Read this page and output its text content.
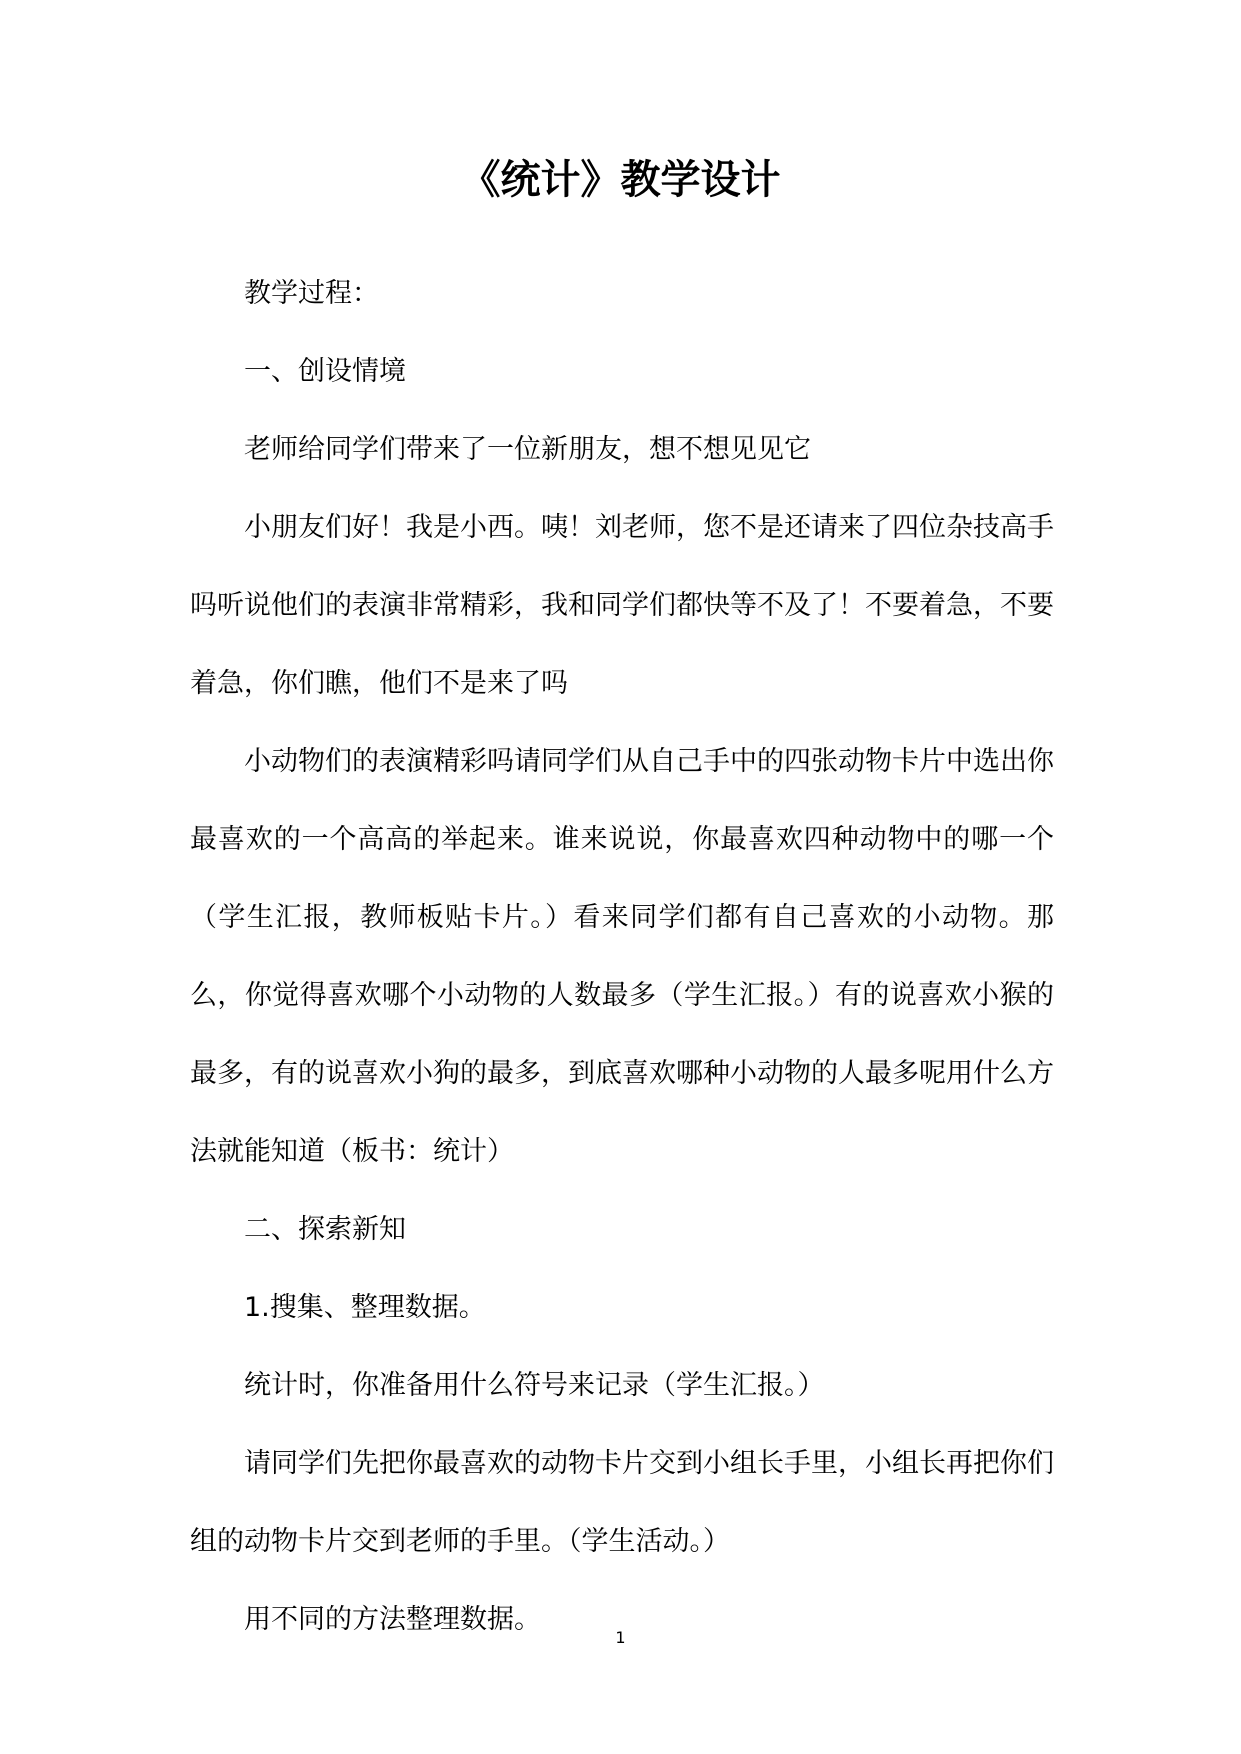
《统计》教学设计

教学过程：

一、创设情境

老师给同学们带来了一位新朋友，想不想见见它

小朋友们好！我是小西。咦！刘老师，您不是还请来了四位杂技高手吗听说他们的表演非常精彩，我和同学们都快等不及了！不要着急，不要着急，你们瞧，他们不是来了吗

小动物们的表演精彩吗请同学们从自己手中的四张动物卡片中选出你最喜欢的一个高高的举起来。谁来说说，你最喜欢四种动物中的哪一个（学生汇报，教师板贴卡片。）看来同学们都有自己喜欢的小动物。那么，你觉得喜欢哪个小动物的人数最多（学生汇报。）有的说喜欢小猴的最多，有的说喜欢小狗的最多，到底喜欢哪种小动物的人最多呢用什么方法就能知道（板书：统计）

二、探索新知

1.搜集、整理数据。

统计时，你准备用什么符号来记录（学生汇报。）

请同学们先把你最喜欢的动物卡片交到小组长手里，小组长再把你们组的动物卡片交到老师的手里。（学生活动。）

用不同的方法整理数据。

1
